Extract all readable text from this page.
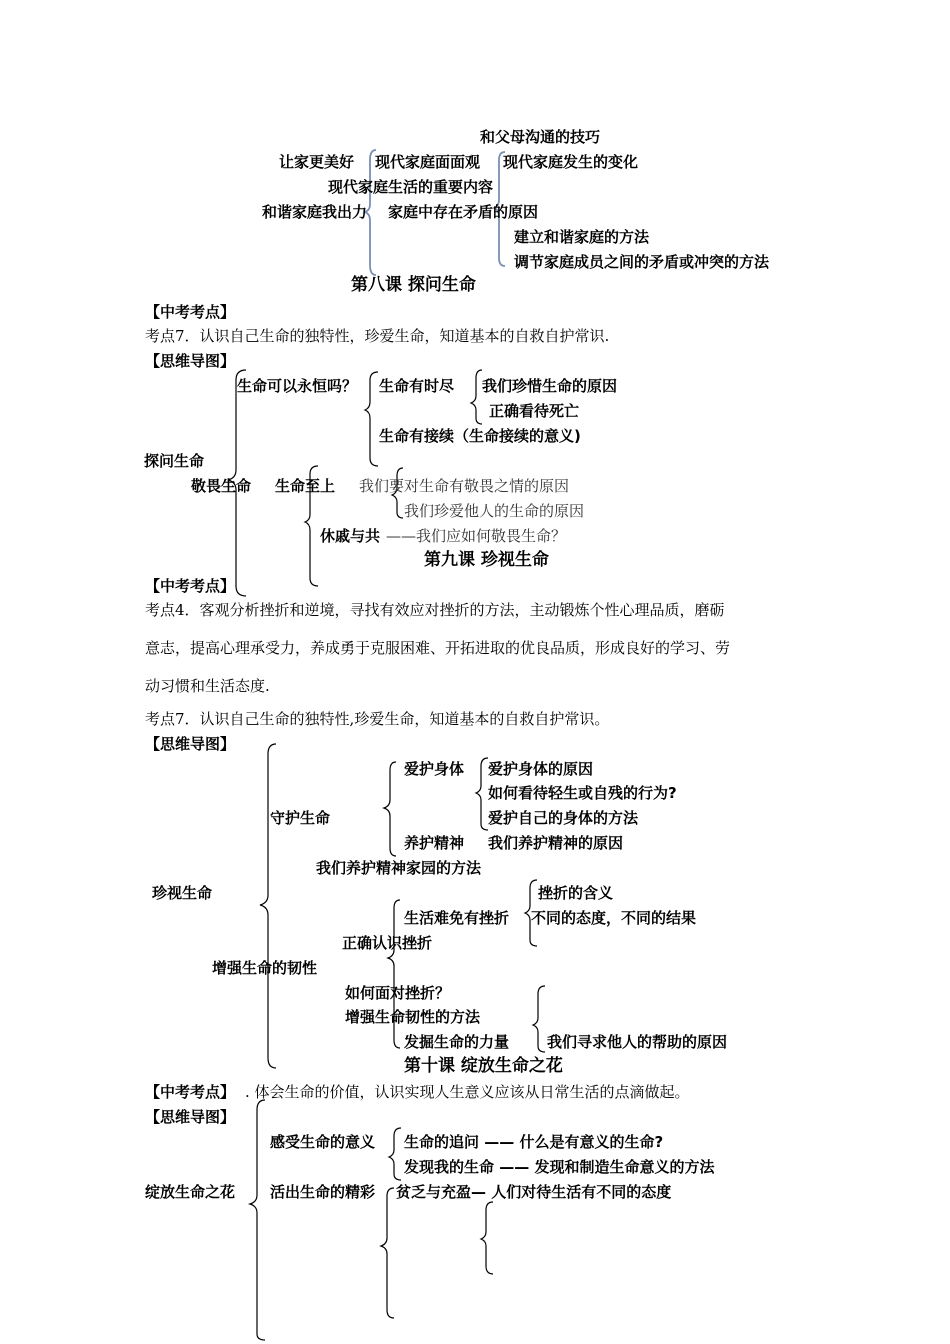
和父母沟通的技巧
让家更美好 现代家庭面面观 现代家庭发生的变化
现代家庭生活的重要内容
和谐家庭我出力 家庭中存在矛盾的原因
建立和谐家庭的方法
调节家庭成员之间的矛盾或冲突的方法
第八课 探问生命
【中考考点】
考点7．认识自己生命的独特性，珍爱生命，知道基本的自救自护常识.
【思维导图】
探问生命
生命可以永恒吗？ 生命有时尽 我们珍惜生命的原因
正确看待死亡
生命有接续（生命接续的意义)
敬畏生命 生命至上 我们要对生命有敬畏之情的原因
我们珍爱他人的生命的原因
休戚与共 ——我们应如何敬畏生命？
第九课 珍视生命
【中考考点】
考点4．客观分析挫折和逆境，寻找有效应对挫折的方法，主动锻炼个性心理品质，磨砺
意志，提高心理承受力，养成勇于克服困难、开拓进取的优良品质，形成良好的学习、劳
动习惯和生活态度.
考点7．认识自己生命的独特性,珍爱生命，知道基本的自救自护常识。
【思维导图】
珍视生命
守护生命
爱护身体 爱护身体的原因
如何看待轻生或自残的行为?
爱护自己的身体的方法
养护精神 我们养护精神的原因
我们养护精神家园的方法
增强生命的韧性
正确认识挫折
生活难免有挫折
挫折的含义
不同的态度，不同的结果
如何面对挫折？
增强生命韧性的方法
发掘生命的力量	我们寻求他人的帮助的原因
第十课 绽放生命之花
【中考考点】 . 体会生命的价值，认识实现人生意义应该从日常生活的点滴做起。
【思维导图】
绽放生命之花
感受生命的意义 生命的追问 —— 什么是有意义的生命?
发现我的生命 —— 发现和制造生命意义的方法
活出生命的精彩 贫乏与充盈— 人们对待生活有不同的态度
